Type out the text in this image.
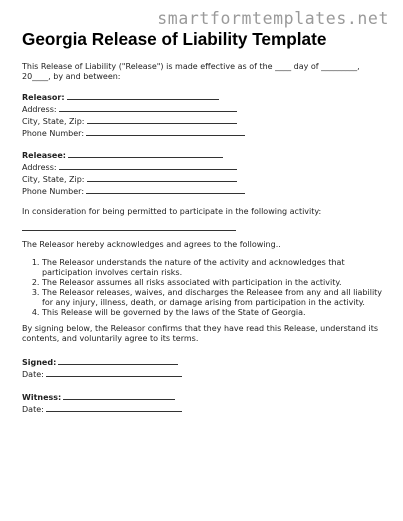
smartformtemplates.net
Georgia Release of Liability Template

This Release of Liability ("Release") is made effective as of the ____ day of _________, 20____, by and between:

Releasor:
Address:
City, State, Zip:
Phone Number:
Releasee:
Address:
City, State, Zip:
Phone Number:

In consideration for being permitted to participate in the following activity:

The Releasor hereby acknowledges and agrees to the following..

1. The Releasor understands the nature of the activity and acknowledges that participation involves certain risks.
2. The Releasor assumes all risks associated with participation in the activity.
3. The Releasor releases, waives, and discharges the Releasee from any and all liability for any injury, illness, death, or damage arising from participation in the activity.
4. This Release will be governed by the laws of the State of Georgia.

By signing below, the Releasor confirms that they have read this Release, understand its contents, and voluntarily agree to its terms.

Signed:
Date:
Witness:
Date:
